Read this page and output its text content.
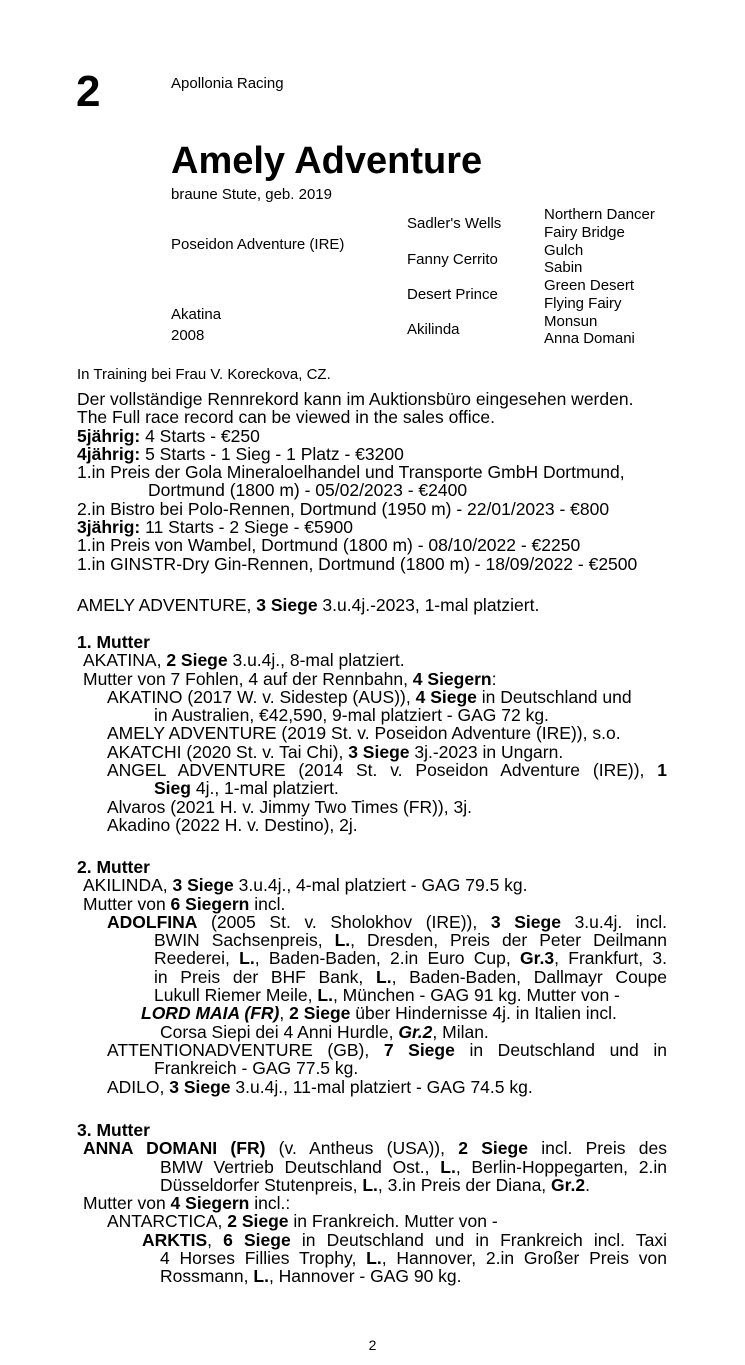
2	Apollonia Racing
Amely Adventure
braune Stute, geb. 2019
Poseidon Adventure (IRE)
Akatina
2008
Sadler's Wells
Fanny Cerrito
Desert Prince
Akilinda
Northern Dancer
Fairy Bridge
Gulch
Sabin
Green Desert
Flying Fairy
Monsun
Anna Domani
In Training bei Frau V. Koreckova, CZ.
Der vollständige Rennrekord kann im Auktionsbüro eingesehen werden.
The Full race record can be viewed in the sales office.
5jährig: 4 Starts - €250
4jährig: 5 Starts - 1 Sieg - 1 Platz - €3200
1.in Preis der Gola Mineraloelhandel und Transporte GmbH Dortmund,
Dortmund (1800 m) - 05/02/2023 - €2400
2.in Bistro bei Polo-Rennen, Dortmund (1950 m) - 22/01/2023 - €800
3jährig: 11 Starts - 2 Siege - €5900
1.in Preis von Wambel, Dortmund (1800 m) - 08/10/2022 - €2250
1.in GINSTR-Dry Gin-Rennen, Dortmund (1800 m) - 18/09/2022 - €2500
AMELY ADVENTURE, 3 Siege 3.u.4j.-2023, 1-mal platziert.
1. Mutter
AKATINA, 2 Siege 3.u.4j., 8-mal platziert.
Mutter von 7 Fohlen, 4 auf der Rennbahn, 4 Siegern:
AKATINO (2017 W. v. Sidestep (AUS)), 4 Siege in Deutschland und
in Australien, €42,590, 9-mal platziert - GAG 72 kg.
AMELY ADVENTURE (2019 St. v. Poseidon Adventure (IRE)), s.o.
AKATCHI (2020 St. v. Tai Chi), 3 Siege 3j.-2023 in Ungarn.
ANGEL ADVENTURE (2014 St. v. Poseidon Adventure (IRE)), 1
Sieg 4j., 1-mal platziert.
Alvaros (2021 H. v. Jimmy Two Times (FR)), 3j.
Akadino (2022 H. v. Destino), 2j.
2. Mutter
AKILINDA, 3 Siege 3.u.4j., 4-mal platziert - GAG 79.5 kg.
Mutter von 6 Siegern incl.
ADOLFINA (2005 St. v. Sholokhov (IRE)), 3 Siege 3.u.4j. incl.
BWIN Sachsenpreis, L., Dresden, Preis der Peter Deilmann
Reederei, L., Baden-Baden, 2.in Euro Cup, Gr.3, Frankfurt, 3.
in Preis der BHF Bank, L., Baden-Baden, Dallmayr Coupe
Lukull Riemer Meile, L., München - GAG 91 kg. Mutter von -
LORD MAIA (FR), 2 Siege über Hindernisse 4j. in Italien incl.
Corsa Siepi dei 4 Anni Hurdle, Gr.2, Milan.
ATTENTIONADVENTURE (GB), 7 Siege in Deutschland und in
Frankreich - GAG 77.5 kg.
ADILO, 3 Siege 3.u.4j., 11-mal platziert - GAG 74.5 kg.
3. Mutter
ANNA DOMANI (FR) (v. Antheus (USA)), 2 Siege incl. Preis des
BMW Vertrieb Deutschland Ost., L., Berlin-Hoppegarten, 2.in
Düsseldorfer Stutenpreis, L., 3.in Preis der Diana, Gr.2.
Mutter von 4 Siegern incl.:
ANTARCTICA, 2 Siege in Frankreich. Mutter von -
ARKTIS, 6 Siege in Deutschland und in Frankreich incl. Taxi
4 Horses Fillies Trophy, L., Hannover, 2.in Großer Preis von
Rossmann, L., Hannover - GAG 90 kg.
2
